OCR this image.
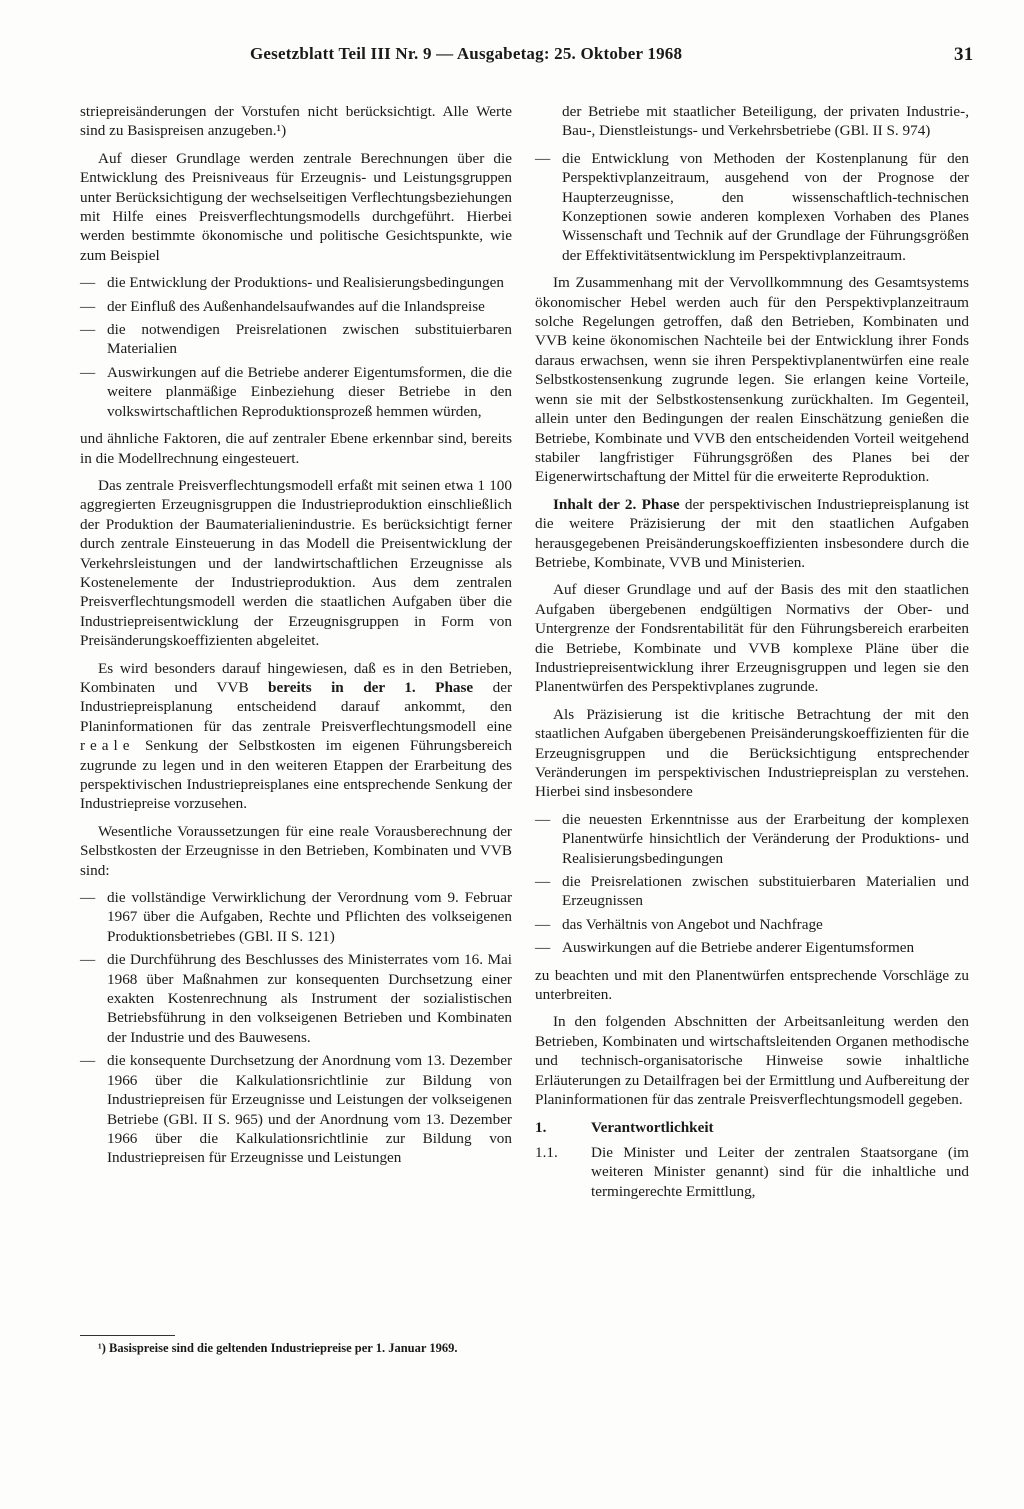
Gesetzblatt Teil III Nr. 9 — Ausgabetag: 25. Oktober 1968	31

striepreisänderungen der Vorstufen nicht berücksichtigt. Alle Werte sind zu Basispreisen anzugeben.¹)

Auf dieser Grundlage werden zentrale Berechnungen über die Entwicklung des Preisniveaus für Erzeugnis- und Leistungsgruppen unter Berücksichtigung der wechselseitigen Verflechtungsbeziehungen mit Hilfe eines Preisverflechtungsmodells durchgeführt. Hierbei werden bestimmte ökonomische und politische Gesichtspunkte, wie zum Beispiel

— die Entwicklung der Produktions- und Realisierungsbedingungen
— der Einfluß des Außenhandelsaufwandes auf die Inlandspreise
— die notwendigen Preisrelationen zwischen substituierbaren Materialien
— Auswirkungen auf die Betriebe anderer Eigentumsformen, die die weitere planmäßige Einbeziehung dieser Betriebe in den volkswirtschaftlichen Reproduktionsprozeß hemmen würden,

und ähnliche Faktoren, die auf zentraler Ebene erkennbar sind, bereits in die Modellrechnung eingesteuert.

Das zentrale Preisverflechtungsmodell erfaßt mit seinen etwa 1 100 aggregierten Erzeugnisgruppen die Industrieproduktion einschließlich der Produktion der Baumaterialienindustrie. Es berücksichtigt ferner durch zentrale Einsteuerung in das Modell die Preisentwicklung der Verkehrsleistungen und der landwirtschaftlichen Erzeugnisse als Kostenelemente der Industrieproduktion. Aus dem zentralen Preisverflechtungsmodell werden die staatlichen Aufgaben über die Industriepreisentwicklung der Erzeugnisgruppen in Form von Preisänderungskoeffizienten abgeleitet.

Es wird besonders darauf hingewiesen, daß es in den Betrieben, Kombinaten und VVB bereits in der 1. Phase der Industriepreisplanung entscheidend darauf ankommt, den Planinformationen für das zentrale Preisverflechtungsmodell eine reale Senkung der Selbstkosten im eigenen Führungsbereich zugrunde zu legen und in den weiteren Etappen der Erarbeitung des perspektivischen Industriepreisplanes eine entsprechende Senkung der Industriepreise vorzusehen.

Wesentliche Voraussetzungen für eine reale Vorausberechnung der Selbstkosten der Erzeugnisse in den Betrieben, Kombinaten und VVB sind:

— die vollständige Verwirklichung der Verordnung vom 9. Februar 1967 über die Aufgaben, Rechte und Pflichten des volkseigenen Produktionsbetriebes (GBl. II S. 121)
— die Durchführung des Beschlusses des Ministerrates vom 16. Mai 1968 über Maßnahmen zur konsequenten Durchsetzung einer exakten Kostenrechnung als Instrument der sozialistischen Betriebsführung in den volkseigenen Betrieben und Kombinaten der Industrie und des Bauwesens.
— die konsequente Durchsetzung der Anordnung vom 13. Dezember 1966 über die Kalkulationsrichtlinie zur Bildung von Industriepreisen für Erzeugnisse und Leistungen der volkseigenen Betriebe (GBl. II S. 965) und der Anordnung vom 13. Dezember 1966 über die Kalkulationsrichtlinie zur Bildung von Industriepreisen für Erzeugnisse und Leistungen
¹) Basispreise sind die geltenden Industriepreise per 1. Januar 1969.

der Betriebe mit staatlicher Beteiligung, der privaten Industrie-, Bau-, Dienstleistungs- und Verkehrsbetriebe (GBl. II S. 974)

— die Entwicklung von Methoden der Kostenplanung für den Perspektivplanzeitraum, ausgehend von der Prognose der Haupterzeugnisse, den wissenschaftlich-technischen Konzeptionen sowie anderen komplexen Vorhaben des Planes Wissenschaft und Technik auf der Grundlage der Führungsgrößen der Effektivitätsentwicklung im Perspektivplanzeitraum.

Im Zusammenhang mit der Vervollkommnung des Gesamtsystems ökonomischer Hebel werden auch für den Perspektivplanzeitraum solche Regelungen getroffen, daß den Betrieben, Kombinaten und VVB keine ökonomischen Nachteile bei der Entwicklung ihrer Fonds daraus erwachsen, wenn sie ihren Perspektivplanentwürfen eine reale Selbstkostensenkung zugrunde legen. Sie erlangen keine Vorteile, wenn sie mit der Selbstkostensenkung zurückhalten. Im Gegenteil, allein unter den Bedingungen der realen Einschätzung genießen die Betriebe, Kombinate und VVB den entscheidenden Vorteil weitgehend stabiler langfristiger Führungsgrößen des Planes bei der Eigenerwirtschaftung der Mittel für die erweiterte Reproduktion.

Inhalt der 2. Phase der perspektivischen Industriepreisplanung ist die weitere Präzisierung der mit den staatlichen Aufgaben herausgegebenen Preisänderungskoeffizienten insbesondere durch die Betriebe, Kombinate, VVB und Ministerien.

Auf dieser Grundlage und auf der Basis des mit den staatlichen Aufgaben übergebenen endgültigen Normativs der Ober- und Untergrenze der Fondsrentabilität für den Führungsbereich erarbeiten die Betriebe, Kombinate und VVB komplexe Pläne über die Industriepreisentwicklung ihrer Erzeugnisgruppen und legen sie den Planentwürfen des Perspektivplanes zugrunde.

Als Präzisierung ist die kritische Betrachtung der mit den staatlichen Aufgaben übergebenen Preisänderungskoeffizienten für die Erzeugnisgruppen und die Berücksichtigung entsprechender Veränderungen im perspektivischen Industriepreisplan zu verstehen. Hierbei sind insbesondere

— die neuesten Erkenntnisse aus der Erarbeitung der komplexen Planentwürfe hinsichtlich der Veränderung der Produktions- und Realisierungsbedingungen
— die Preisrelationen zwischen substituierbaren Materialien und Erzeugnissen
— das Verhältnis von Angebot und Nachfrage
— Auswirkungen auf die Betriebe anderer Eigentumsformen

zu beachten und mit den Planentwürfen entsprechende Vorschläge zu unterbreiten.

In den folgenden Abschnitten der Arbeitsanleitung werden den Betrieben, Kombinaten und wirtschaftsleitenden Organen methodische und technisch-organisatorische Hinweise sowie inhaltliche Erläuterungen zu Detailfragen bei der Ermittlung und Aufbereitung der Planinformationen für das zentrale Preisverflechtungsmodell gegeben.

1.	Verantwortlichkeit
1.1.	Die Minister und Leiter der zentralen Staatsorgane (im weiteren Minister genannt) sind für die inhaltliche und termingerechte Ermittlung,
